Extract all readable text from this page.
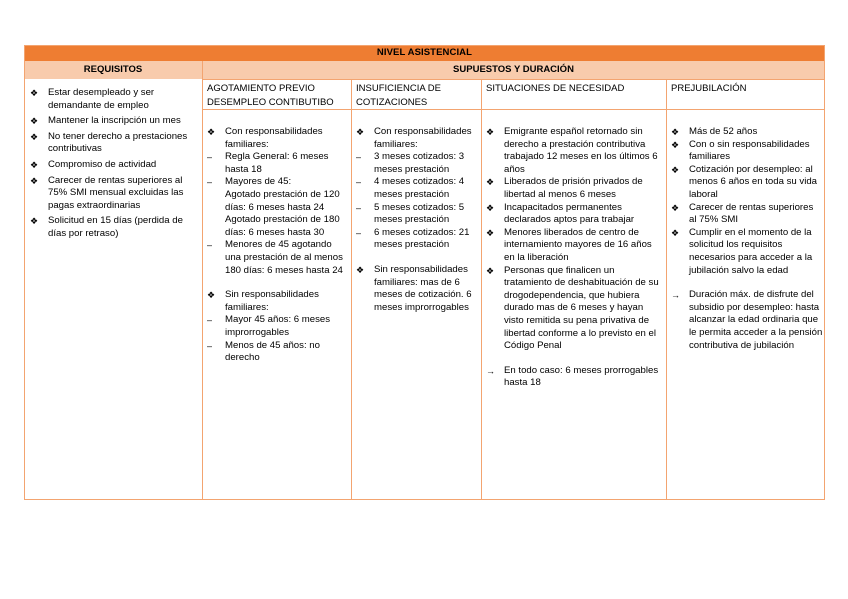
NIVEL ASISTENCIAL
REQUISITOS	SUPUESTOS Y DURACIÓN
AGOTAMIENTO PREVIO DESEMPLEO CONTIBUTIBO
INSUFICIENCIA DE COTIZACIONES
SITUACIONES DE NECESIDAD	PREJUBILACIÓN
❖ Estar desempleado y ser demandante de empleo
❖ Mantener la inscripción un mes
❖ No tener derecho a prestaciones contributivas
❖ Compromiso de actividad
❖ Carecer de rentas superiores al 75% SMI mensual excluidas las pagas extraordinarias
❖ Solicitud en 15 días (perdida de días por retraso)
❖ Con responsabilidades familiares:
– Regla General: 6 meses hasta 18
– Mayores de 45:
Agotado prestación de 120 días: 6 meses hasta 24
Agotado prestación de 180 días: 6 meses hasta 30
– Menores de 45 agotando una prestación de al menos 180 días: 6 meses hasta 24
❖ Sin responsabilidades familiares:
– Mayor 45 años: 6 meses improrrogables
– Menos de 45 años: no derecho
❖ Con responsabilidades familiares:
– 3 meses cotizados: 3 meses prestación
– 4 meses cotizados: 4 meses prestación
– 5 meses cotizados: 5 meses prestación
– 6 meses cotizados: 21 meses prestación
❖ Sin responsabilidades familiares: mas de 6 meses de cotización. 6 meses improrrogables
❖ Emigrante español retornado sin derecho a prestación contributiva trabajado 12 meses en los últimos 6 años
❖ Liberados de prisión privados de libertad al menos 6 meses
❖ Incapacitados permanentes declarados aptos para trabajar
❖ Menores liberados de centro de internamiento mayores de 16 años en la liberación
❖ Personas que finalicen un tratamiento de deshabituación de su drogodependencia, que hubiera durado mas de 6 meses y hayan visto remitida su pena privativa de libertad conforme a lo previsto en el Código Penal
→ En todo caso: 6 meses prorrogables hasta 18
❖ Más de 52 años
❖ Con o sin responsabilidades familiares
❖ Cotización por desempleo: al menos 6 años en toda su vida laboral
❖ Carecer de rentas superiores al 75% SMI
❖ Cumplir en el momento de la solicitud los requisitos necesarios para acceder a la jubilación salvo la edad
→ Duración máx. de disfrute del subsidio por desempleo: hasta alcanzar la edad ordinaria que le permita acceder a la pensión contributiva de jubilación
